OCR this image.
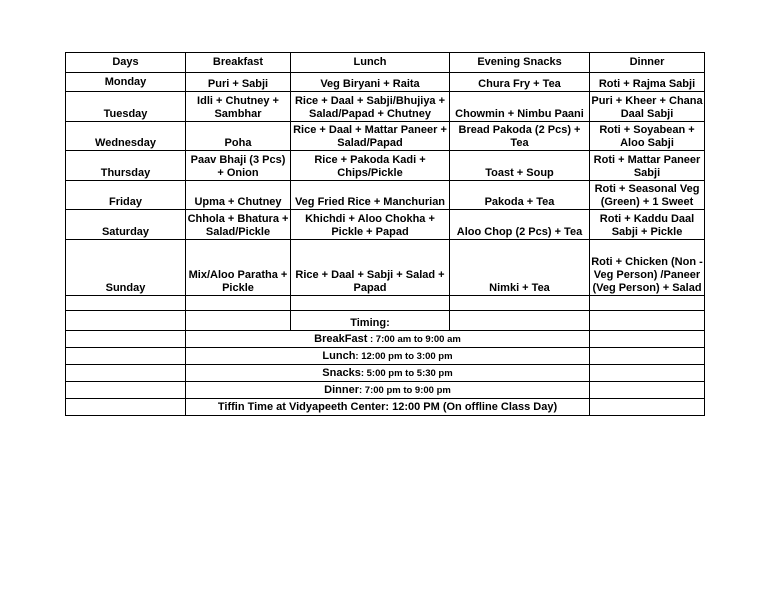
Days	Breakfast	Lunch	Evening Snacks	Dinner
Monday	Puri + Sabji	Veg Biryani + Raita	Chura Fry + Tea	Roti + Rajma Sabji
Tuesday	Idli + Chutney + Sambhar	Rice + Daal + Sabji/Bhujiya + Salad/Papad + Chutney	Chowmin + Nimbu Paani	Puri + Kheer + Chana Daal Sabji
Wednesday	Poha	Rice + Daal + Mattar Paneer + Salad/Papad	Bread Pakoda (2 Pcs) + Tea	Roti + Soyabean + Aloo Sabji
Thursday	Paav Bhaji (3 Pcs) + Onion	Rice + Pakoda Kadi + Chips/Pickle	Toast + Soup	Roti + Mattar Paneer Sabji
Friday	Upma + Chutney	Veg Fried Rice + Manchurian	Pakoda + Tea	Roti + Seasonal Veg (Green) + 1 Sweet
Saturday	Chhola + Bhatura + Salad/Pickle	Khichdi + Aloo Chokha + Pickle + Papad	Aloo Chop (2 Pcs) + Tea	Roti + Kaddu Daal Sabji + Pickle
Sunday	Mix/Aloo Paratha + Pickle	Rice + Daal + Sabji + Salad + Papad	Nimki + Tea	Roti + Chicken (Non - Veg Person) /Paneer (Veg Person) + Salad

		Timing:		
	BreakFast : 7:00 am to 9:00 am			
	Lunch: 12:00 pm to 3:00 pm			
	Snacks: 5:00 pm to 5:30 pm			
	Dinner: 7:00 pm to 9:00 pm			
	Tiffin Time at Vidyapeeth Center: 12:00 PM (On offline Class Day)			
